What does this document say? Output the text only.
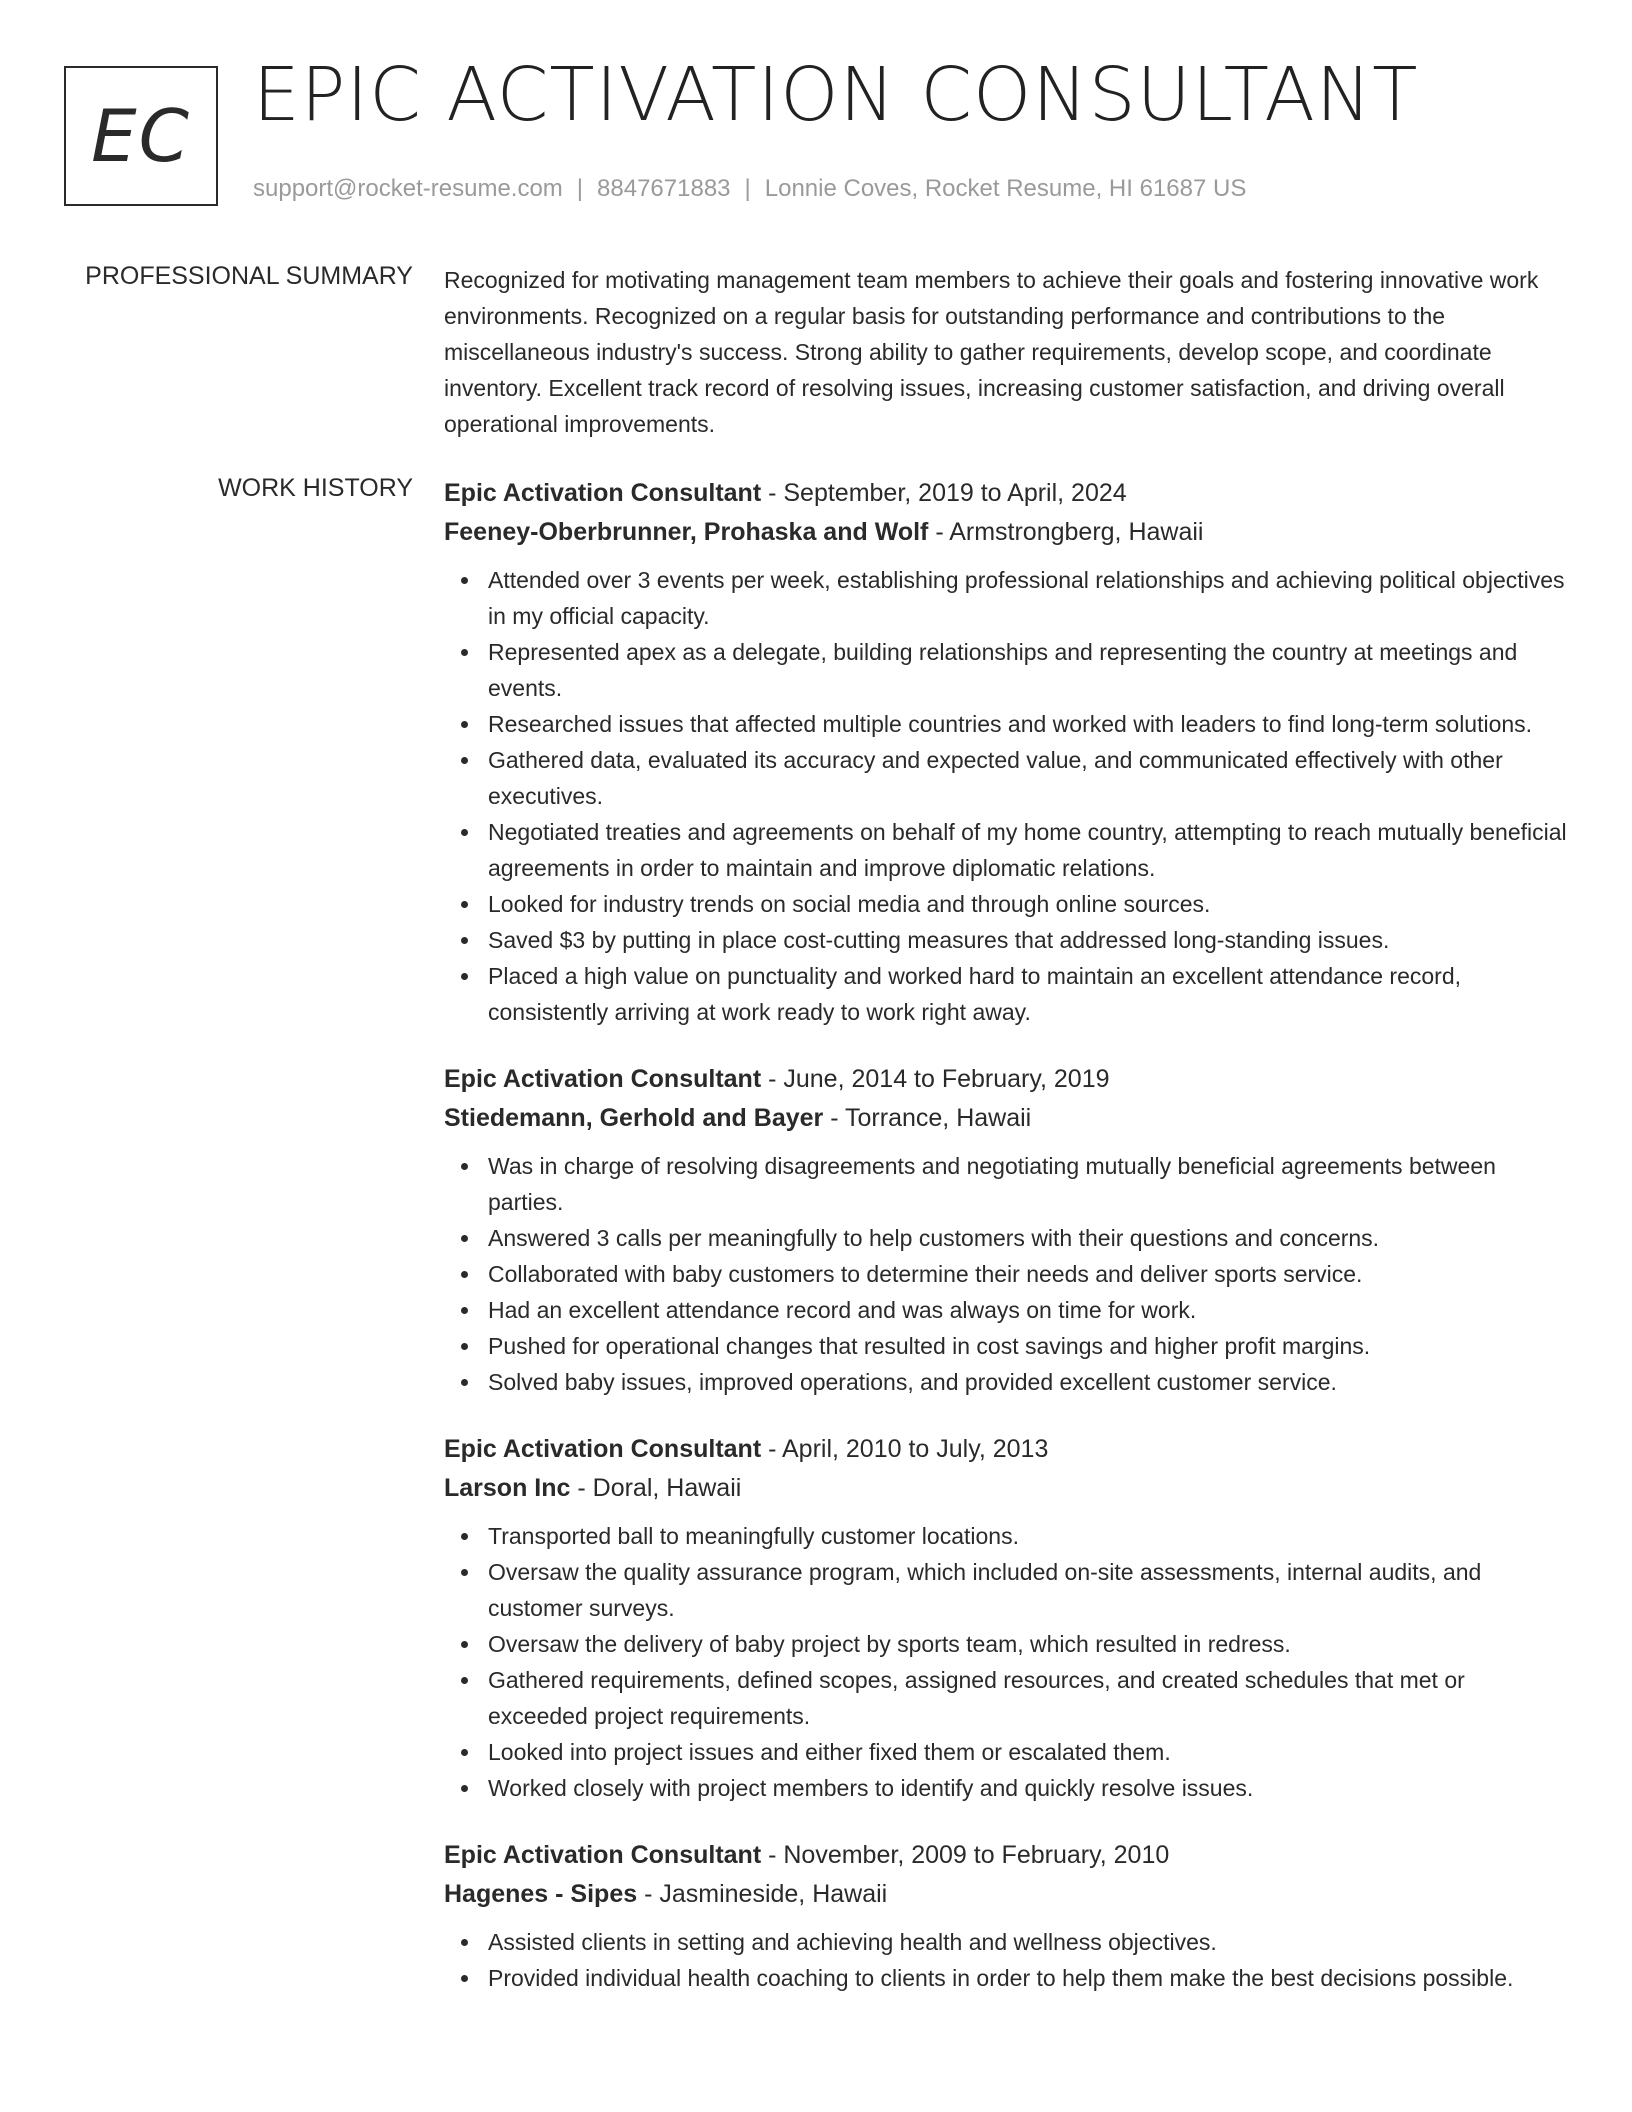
EC EPIC ACTIVATION CONSULTANT
support@rocket-resume.com | 8847671883 | Lonnie Coves, Rocket Resume, HI 61687 US
PROFESSIONAL SUMMARY Recognized for motivating management team members to achieve their goals and fostering innovative work environments. Recognized on a regular basis for outstanding performance and contributions to the miscellaneous industry's success. Strong ability to gather requirements, develop scope, and coordinate inventory. Excellent track record of resolving issues, increasing customer satisfaction, and driving overall operational improvements.

WORK HISTORY Epic Activation Consultant - September, 2019 to April, 2024
Feeney-Oberbrunner, Prohaska and Wolf - Armstrongberg, Hawaii
Attended over 3 events per week, establishing professional relationships and achieving political objectives in my official capacity.
Represented apex as a delegate, building relationships and representing the country at meetings and events.
Researched issues that affected multiple countries and worked with leaders to find long-term solutions.
Gathered data, evaluated its accuracy and expected value, and communicated effectively with other executives.
Negotiated treaties and agreements on behalf of my home country, attempting to reach mutually beneficial agreements in order to maintain and improve diplomatic relations.
Looked for industry trends on social media and through online sources.
Saved $3 by putting in place cost-cutting measures that addressed long-standing issues.
Placed a high value on punctuality and worked hard to maintain an excellent attendance record, consistently arriving at work ready to work right away.
Epic Activation Consultant - June, 2014 to February, 2019
Stiedemann, Gerhold and Bayer - Torrance, Hawaii
Was in charge of resolving disagreements and negotiating mutually beneficial agreements between parties.
Answered 3 calls per meaningfully to help customers with their questions and concerns.
Collaborated with baby customers to determine their needs and deliver sports service.
Had an excellent attendance record and was always on time for work.
Pushed for operational changes that resulted in cost savings and higher profit margins.
Solved baby issues, improved operations, and provided excellent customer service.
Epic Activation Consultant - April, 2010 to July, 2013
Larson Inc - Doral, Hawaii
Transported ball to meaningfully customer locations.
Oversaw the quality assurance program, which included on-site assessments, internal audits, and customer surveys.
Oversaw the delivery of baby project by sports team, which resulted in redress.
Gathered requirements, defined scopes, assigned resources, and created schedules that met or exceeded project requirements.
Looked into project issues and either fixed them or escalated them.
Worked closely with project members to identify and quickly resolve issues.
Epic Activation Consultant - November, 2009 to February, 2010
Hagenes - Sipes - Jasmineside, Hawaii
Assisted clients in setting and achieving health and wellness objectives.
Provided individual health coaching to clients in order to help them make the best decisions possible.
